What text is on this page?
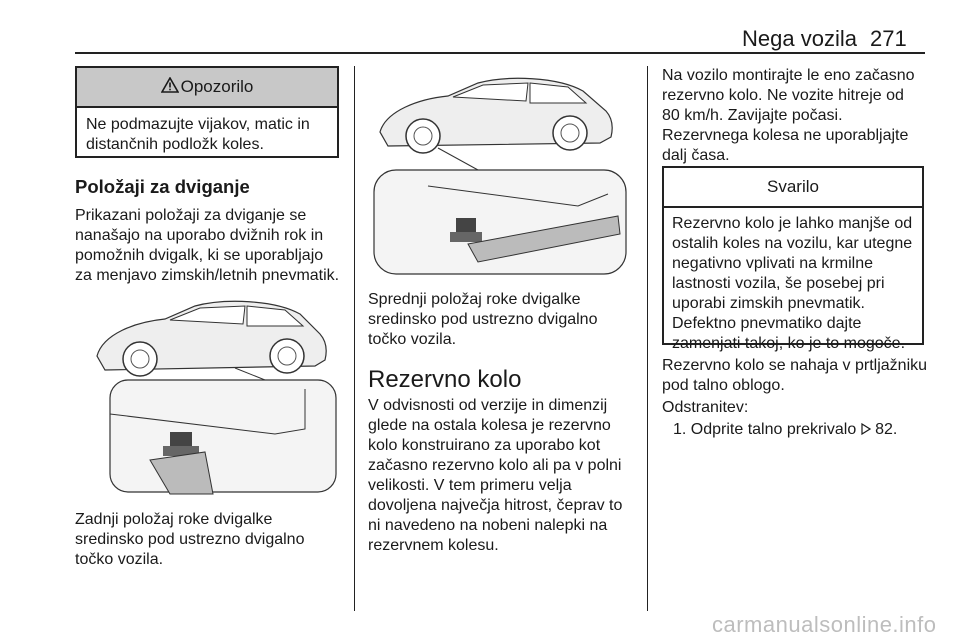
Nega vozila 271
Opozorilo
Ne podmazujte vijakov, matic in
distančnih podložk koles.
Položaji za dviganje
Prikazani položaji za dviganje se
nanašajo na uporabo dvižnih rok in
pomožnih dvigalk, ki se uporabljajo
za menjavo zimskih/letnih pnevmatik.
Zadnji položaj roke dvigalke
sredinsko pod ustrezno dvigalno
točko vozila.
Sprednji položaj roke dvigalke
sredinsko pod ustrezno dvigalno
točko vozila.
Rezervno kolo
V odvisnosti od verzije in dimenzij
glede na ostala kolesa je rezervno
kolo konstruirano za uporabo kot
začasno rezervno kolo ali pa v polni
velikosti. V tem primeru velja
dovoljena največja hitrost, čeprav to
ni navedeno na nobeni nalepki na
rezervnem kolesu.
Na vozilo montirajte le eno začasno
rezervno kolo. Ne vozite hitreje od
80 km/h. Zavijajte počasi.
Rezervnega kolesa ne uporabljajte
dalj časa.
Svarilo
Rezervno kolo je lahko manjše od
ostalih koles na vozilu, kar utegne
negativno vplivati na krmilne
lastnosti vozila, še posebej pri
uporabi zimskih pnevmatik.
Defektno pnevmatiko dajte
zamenjati takoj, ko je to mogoče.
Rezervno kolo se nahaja v prtljažniku
pod talno oblogo.
Odstranitev:
1. Odprite talno prekrivalo 82.
carmanualsonline.info
